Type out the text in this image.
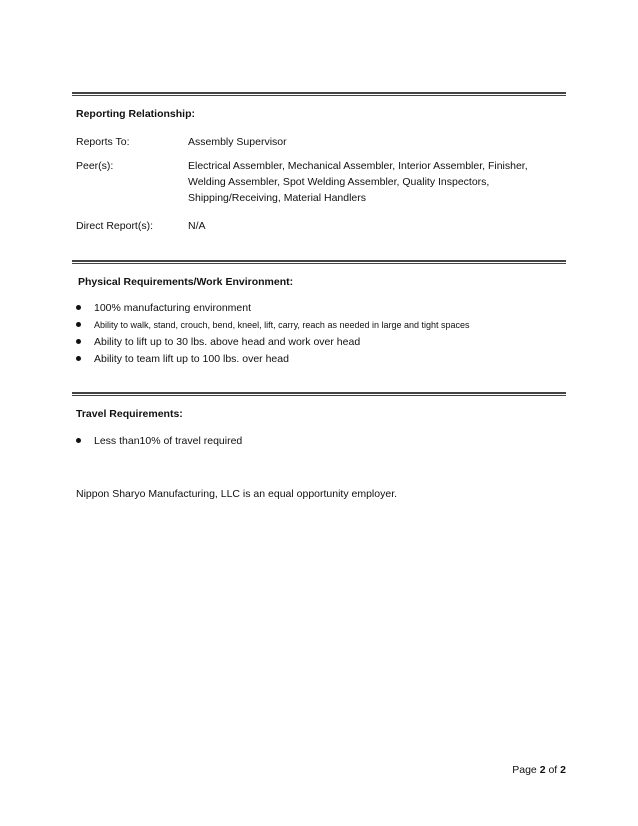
Reporting Relationship:
Reports To:	Assembly Supervisor
Peer(s):	Electrical Assembler, Mechanical Assembler, Interior Assembler, Finisher,
Welding Assembler, Spot Welding Assembler, Quality Inspectors,
Shipping/Receiving, Material Handlers
Direct Report(s):	N/A
Physical Requirements/Work Environment:
100% manufacturing environment
Ability to walk, stand, crouch, bend, kneel, lift, carry, reach as needed in large and tight spaces
Ability to lift up to 30 lbs. above head and work over head
Ability to team lift up to 100 lbs. over head
Travel Requirements:
Less than10% of travel required
Nippon Sharyo Manufacturing, LLC is an equal opportunity employer.
Page 2 of 2
